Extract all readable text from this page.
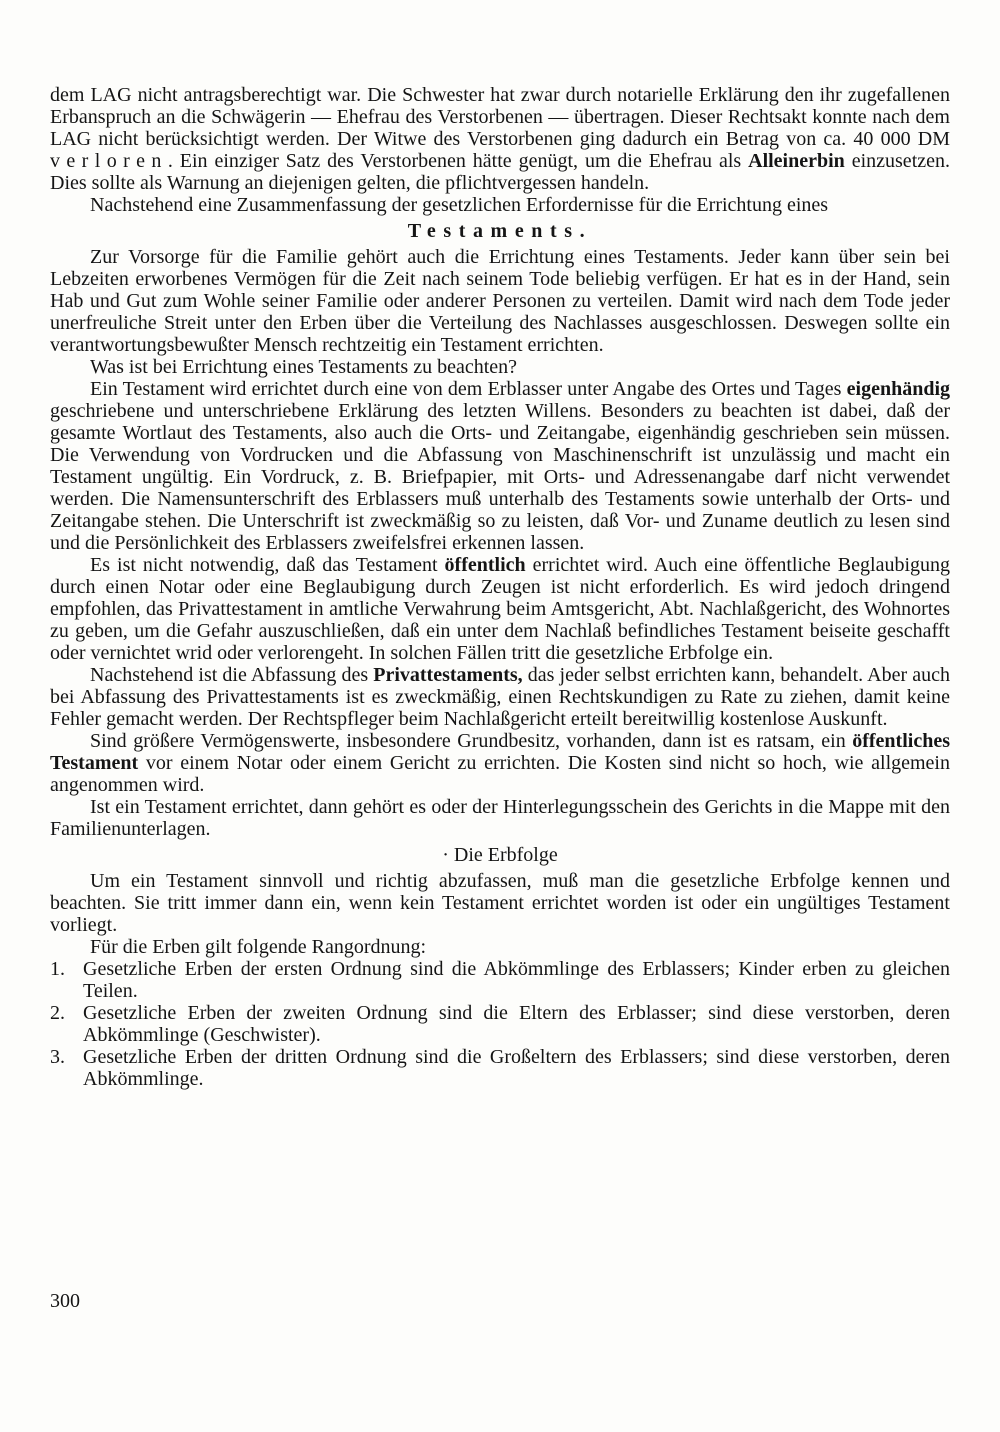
dem LAG nicht antragsberechtigt war. Die Schwester hat zwar durch notarielle Erklärung den ihr zugefallenen Erbanspruch an die Schwägerin — Ehefrau des Verstorbenen — übertragen. Dieser Rechtsakt konnte nach dem LAG nicht berücksichtigt werden. Der Witwe des Verstorbenen ging dadurch ein Betrag von ca. 40 000 DM verloren. Ein einziger Satz des Verstorbenen hätte genügt, um die Ehefrau als Alleinerbin einzusetzen. Dies sollte als Warnung an diejenigen gelten, die pflichtvergessen handeln.

Nachstehend eine Zusammenfassung der gesetzlichen Erfordernisse für die Errichtung eines

Testaments.

Zur Vorsorge für die Familie gehört auch die Errichtung eines Testaments. Jeder kann über sein bei Lebzeiten erworbenes Vermögen für die Zeit nach seinem Tode beliebig verfügen. Er hat es in der Hand, sein Hab und Gut zum Wohle seiner Familie oder anderer Personen zu verteilen. Damit wird nach dem Tode jeder unerfreuliche Streit unter den Erben über die Verteilung des Nachlasses ausgeschlossen. Deswegen sollte ein verantwortungsbewußter Mensch rechtzeitig ein Testament errichten.

Was ist bei Errichtung eines Testaments zu beachten?

Ein Testament wird errichtet durch eine von dem Erblasser unter Angabe des Ortes und Tages eigenhändig geschriebene und unterschriebene Erklärung des letzten Willens. Besonders zu beachten ist dabei, daß der gesamte Wortlaut des Testaments, also auch die Orts- und Zeitangabe, eigenhändig geschrieben sein müssen. Die Verwendung von Vordrucken und die Abfassung von Maschinenschrift ist unzulässig und macht ein Testament ungültig. Ein Vordruck, z. B. Briefpapier, mit Orts- und Adressenangabe darf nicht verwendet werden. Die Namensunterschrift des Erblassers muß unterhalb des Testaments sowie unterhalb der Orts- und Zeitangabe stehen. Die Unterschrift ist zweckmäßig so zu leisten, daß Vor- und Zuname deutlich zu lesen sind und die Persönlichkeit des Erblassers zweifelsfrei erkennen lassen.

Es ist nicht notwendig, daß das Testament öffentlich errichtet wird. Auch eine öffentliche Beglaubigung durch einen Notar oder eine Beglaubigung durch Zeugen ist nicht erforderlich. Es wird jedoch dringend empfohlen, das Privattestament in amtliche Verwahrung beim Amtsgericht, Abt. Nachlaßgericht, des Wohnortes zu geben, um die Gefahr auszuschließen, daß ein unter dem Nachlaß befindliches Testament beiseite geschafft oder vernichtet wrid oder verlorengeht. In solchen Fällen tritt die gesetzliche Erbfolge ein.

Nachstehend ist die Abfassung des Privattestaments, das jeder selbst errichten kann, behandelt. Aber auch bei Abfassung des Privattestaments ist es zweckmäßig, einen Rechtskundigen zu Rate zu ziehen, damit keine Fehler gemacht werden. Der Rechtspfleger beim Nachlaßgericht erteilt bereitwillig kostenlose Auskunft.

Sind größere Vermögenswerte, insbesondere Grundbesitz, vorhanden, dann ist es ratsam, ein öffentliches Testament vor einem Notar oder einem Gericht zu errichten. Die Kosten sind nicht so hoch, wie allgemein angenommen wird.

Ist ein Testament errichtet, dann gehört es oder der Hinterlegungsschein des Gerichts in die Mappe mit den Familienunterlagen.

· Die Erbfolge

Um ein Testament sinnvoll und richtig abzufassen, muß man die gesetzliche Erbfolge kennen und beachten. Sie tritt immer dann ein, wenn kein Testament errichtet worden ist oder ein ungültiges Testament vorliegt.

Für die Erben gilt folgende Rangordnung:

1. Gesetzliche Erben der ersten Ordnung sind die Abkömmlinge des Erblassers; Kinder erben zu gleichen Teilen.
2. Gesetzliche Erben der zweiten Ordnung sind die Eltern des Erblasser; sind diese verstorben, deren Abkömmlinge (Geschwister).
3. Gesetzliche Erben der dritten Ordnung sind die Großeltern des Erblassers; sind diese verstorben, deren Abkömmlinge.
300
